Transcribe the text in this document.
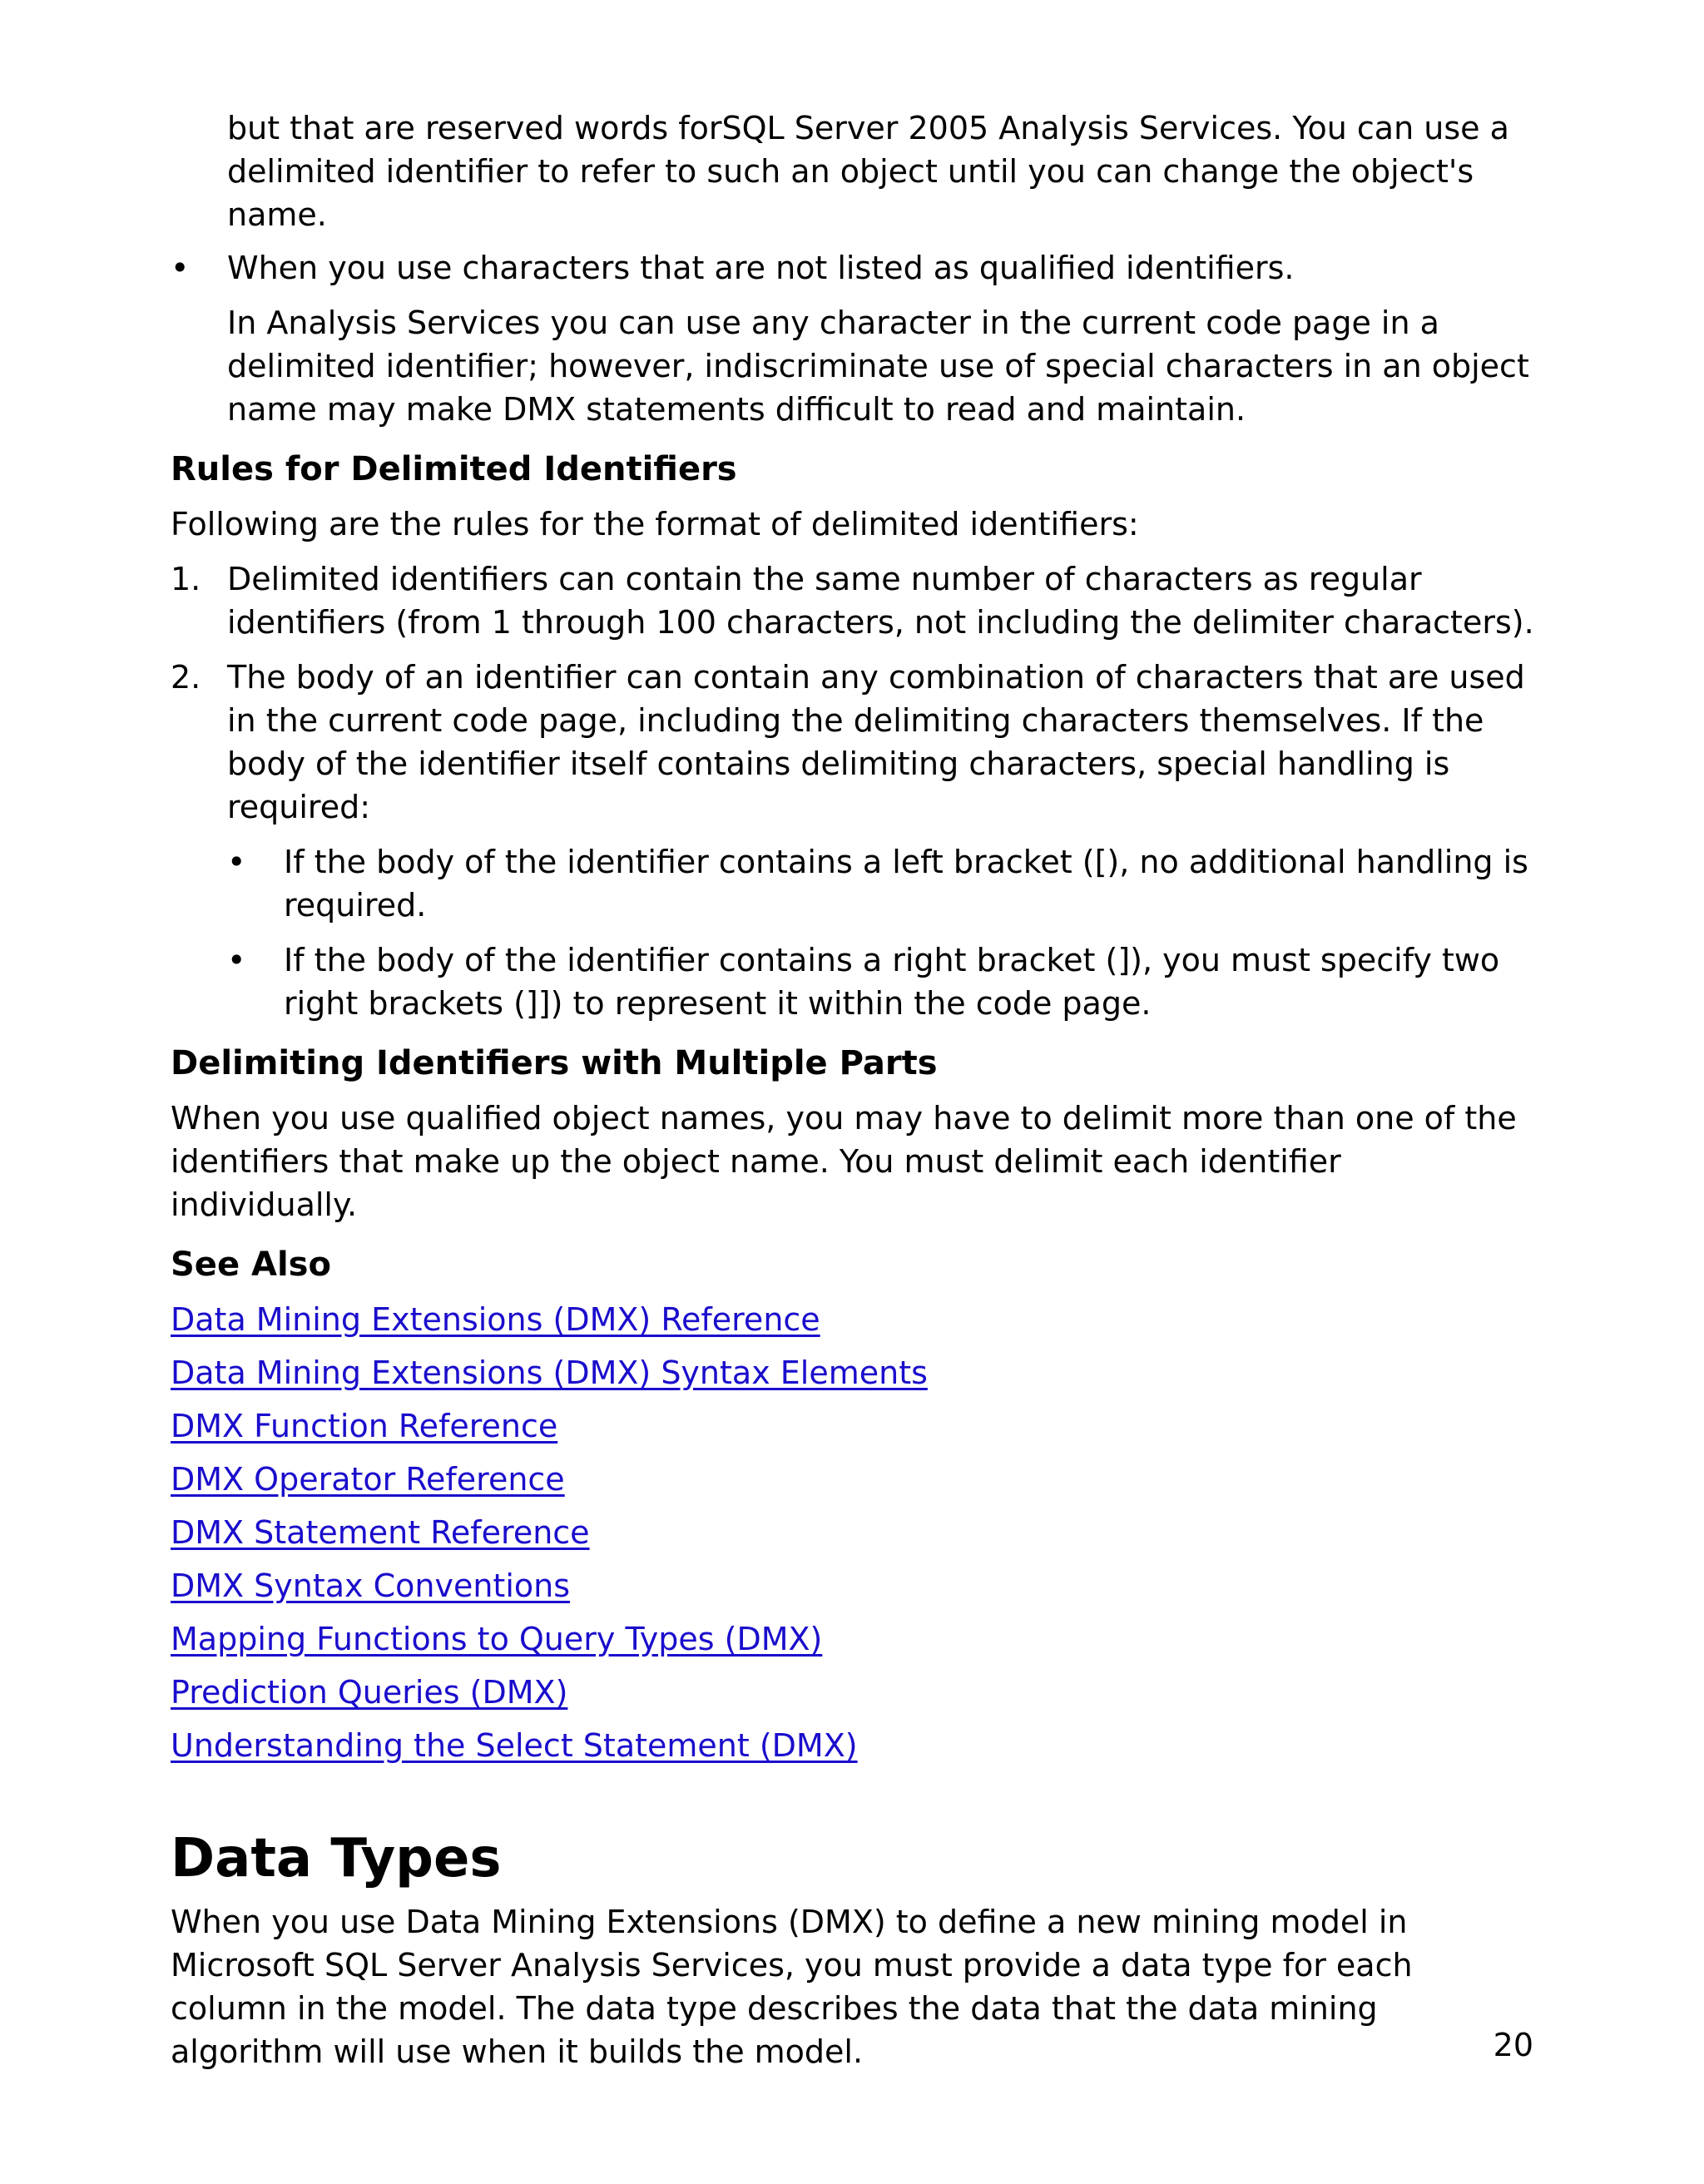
but that are reserved words forSQL Server 2005 Analysis Services. You can use a delimited identifier to refer to such an object until you can change the object's name.

• When you use characters that are not listed as qualified identifiers.

In Analysis Services you can use any character in the current code page in a delimited identifier; however, indiscriminate use of special characters in an object name may make DMX statements difficult to read and maintain.

Rules for Delimited Identifiers

Following are the rules for the format of delimited identifiers:

1. Delimited identifiers can contain the same number of characters as regular identifiers (from 1 through 100 characters, not including the delimiter characters).
2. The body of an identifier can contain any combination of characters that are used in the current code page, including the delimiting characters themselves. If the body of the identifier itself contains delimiting characters, special handling is required:
• If the body of the identifier contains a left bracket ([), no additional handling is required.
• If the body of the identifier contains a right bracket (]), you must specify two right brackets (]]) to represent it within the code page.
Delimiting Identifiers with Multiple Parts

When you use qualified object names, you may have to delimit more than one of the identifiers that make up the object name. You must delimit each identifier individually.

See Also
Data Mining Extensions (DMX) Reference
Data Mining Extensions (DMX) Syntax Elements
DMX Function Reference
DMX Operator Reference
DMX Statement Reference
DMX Syntax Conventions
Mapping Functions to Query Types (DMX)
Prediction Queries (DMX)
Understanding the Select Statement (DMX)
Data Types

When you use Data Mining Extensions (DMX) to define a new mining model in Microsoft SQL Server Analysis Services, you must provide a data type for each column in the model. The data type describes the data that the data mining algorithm will use when it builds the model.	20
